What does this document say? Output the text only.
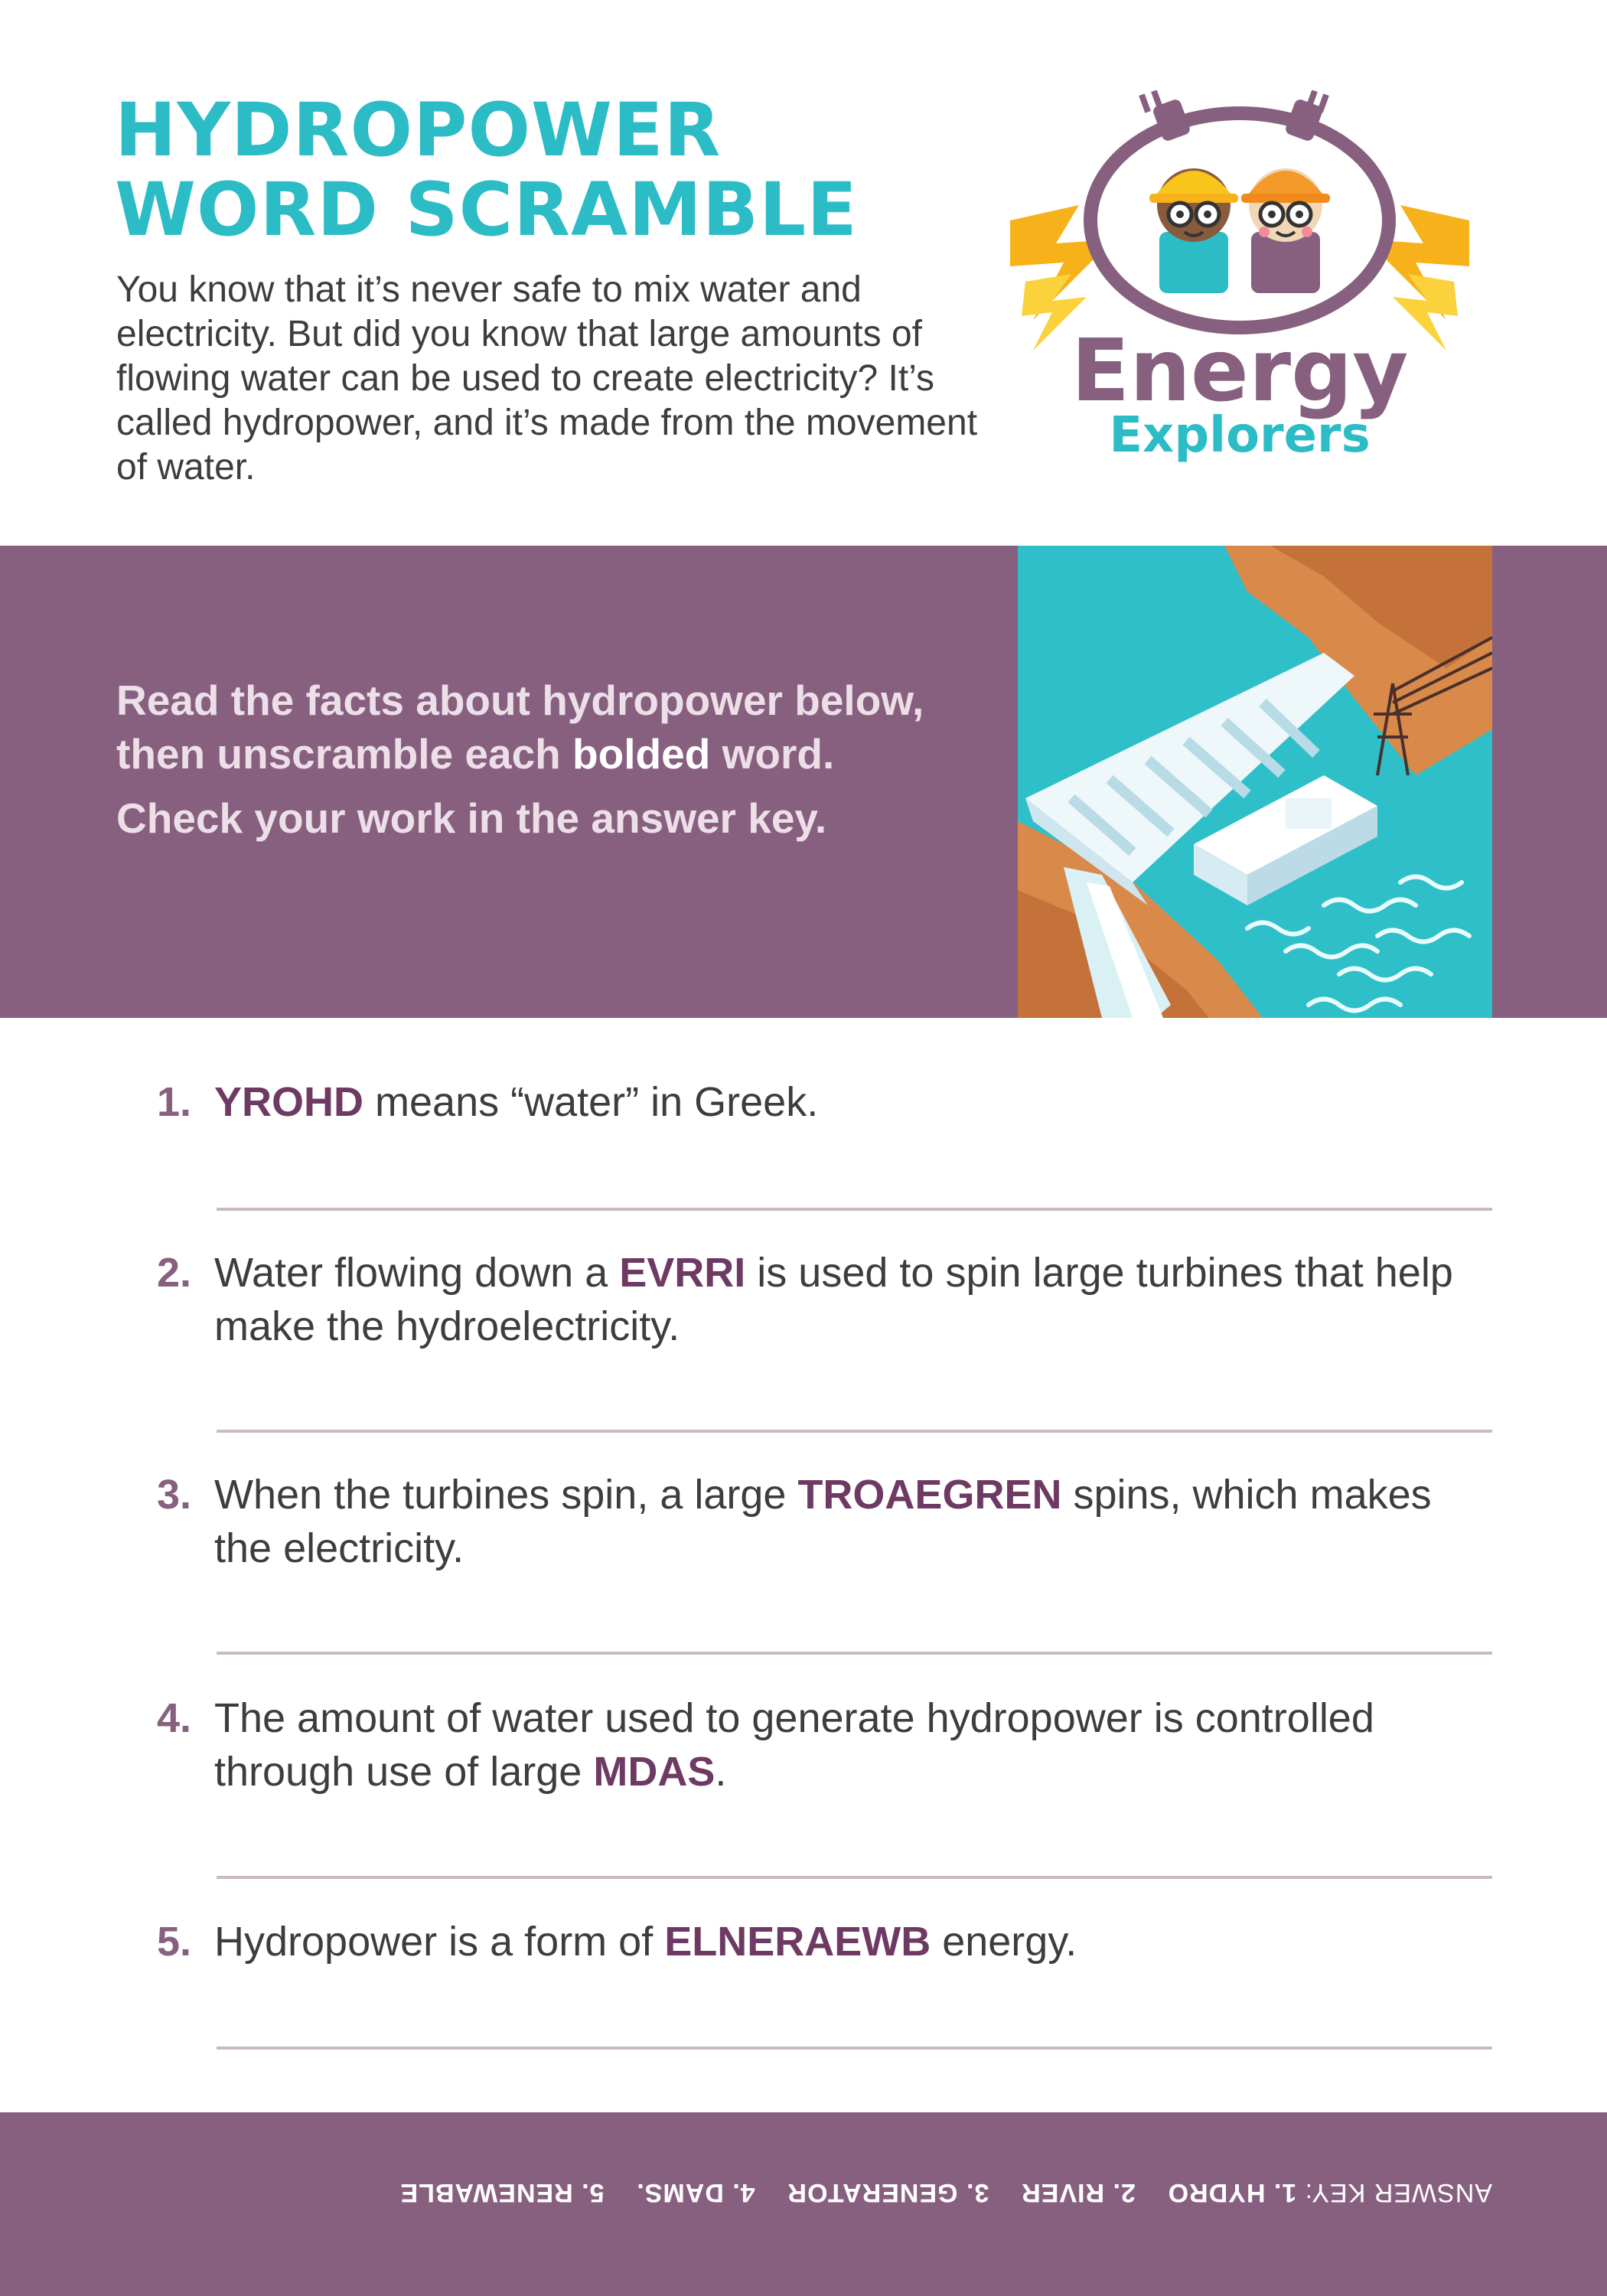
HYDROPOWER
WORD SCRAMBLE
You know that it’s never safe to mix water and electricity. But did you know that large amounts of flowing water can be used to create electricity? It’s called hydropower, and it’s made from the movement of water.
Energy
Explorers

Read the facts about hydropower below, then unscramble each bolded word.

Check your work in the answer key.

1. YROHD means “water” in Greek.
2. Water flowing down a EVRRI is used to spin large turbines that help make the hydroelectricity.
3. When the turbines spin, a large TROAEGREN spins, which makes the electricity.
4. The amount of water used to generate hydropower is controlled through use of large MDAS.
5. Hydropower is a form of ELNERAEWB energy.
ANSWER KEY: 1. HYDRO    2. RIVER    3. GENERATOR    4. DAMS.    5. RENEWABLE
